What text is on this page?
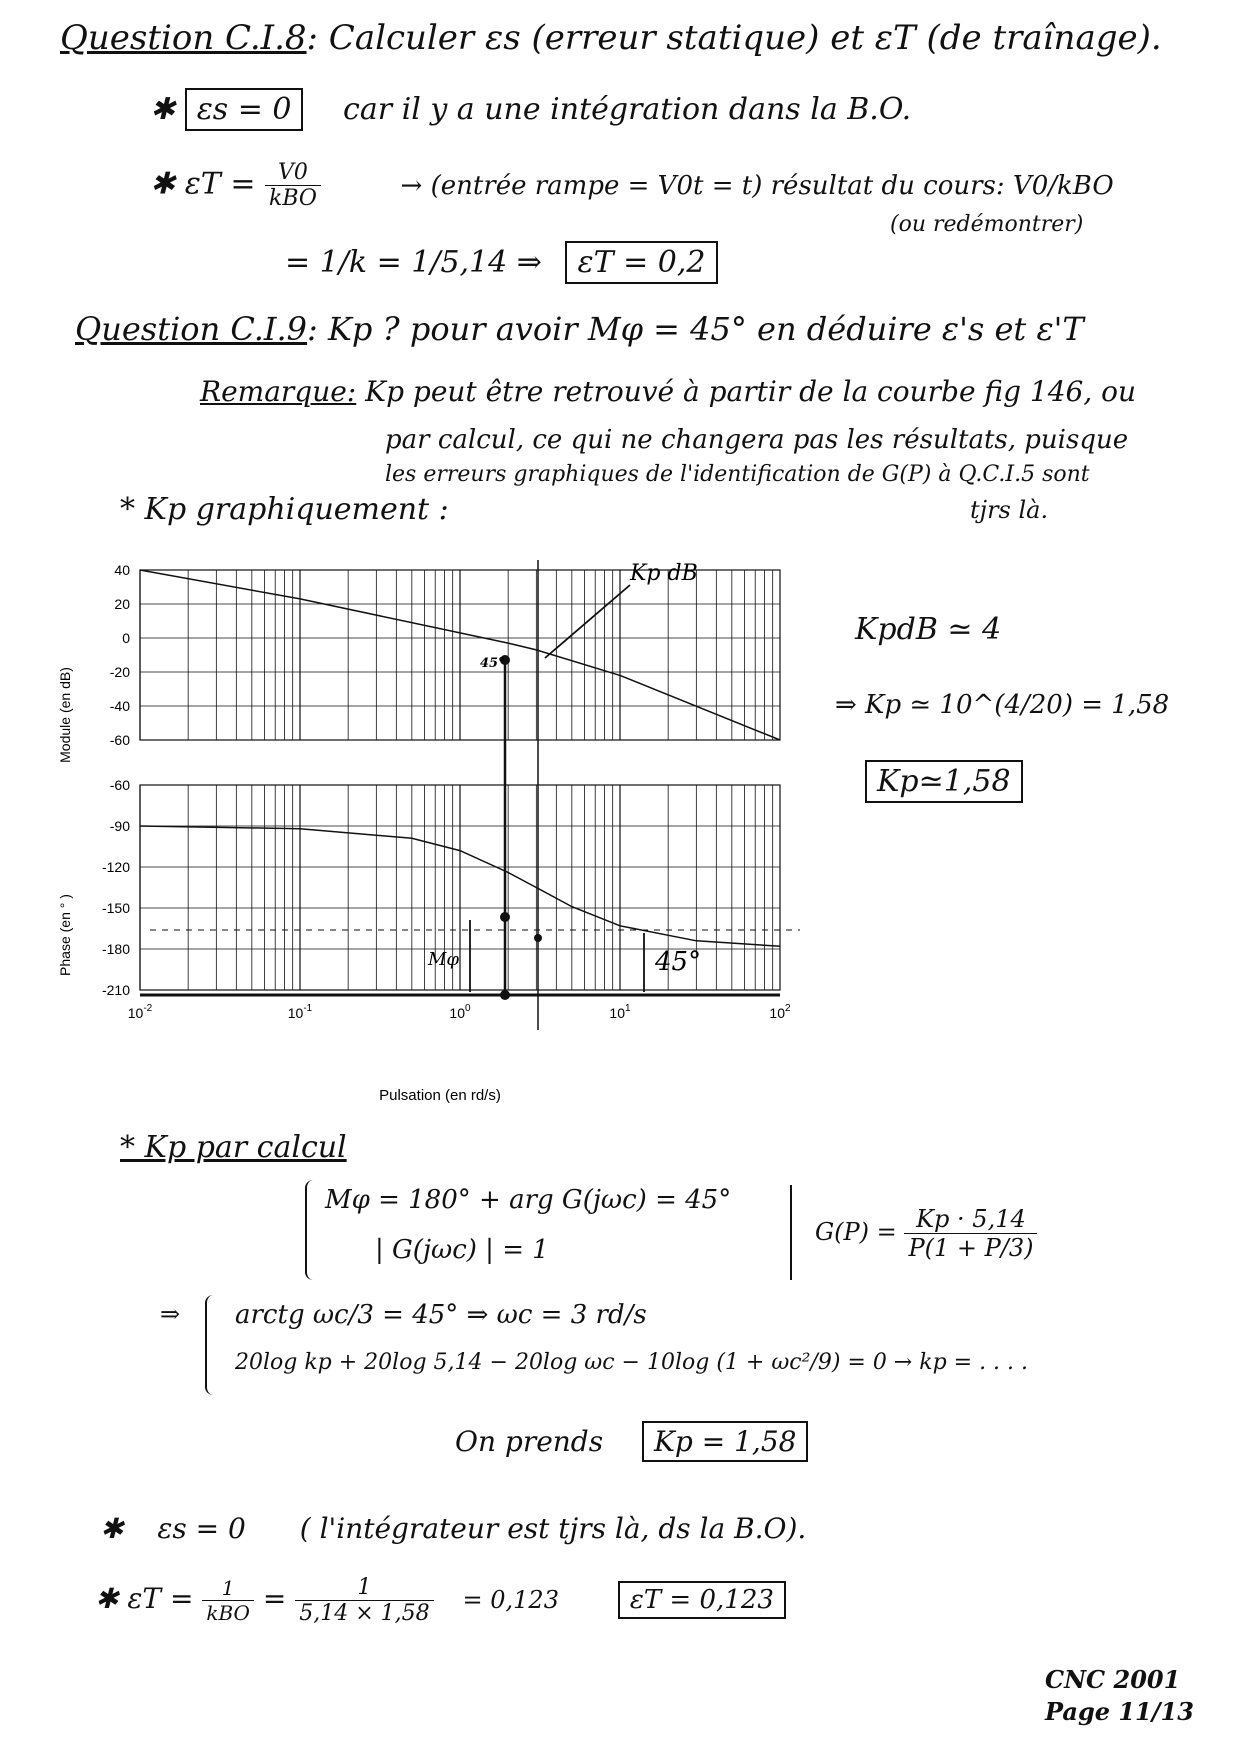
Question C.I.8: Calculer εs (erreur statique) et εT (de traînage).
✱ εs = 0 car il y a une intégration dans la B.O.
✱ $\varepsilon T = \frac{V0}{\text{kBO}}$	→ (entrée rampe = V0t = t) résultat du cours: V0/kBO
(ou redémontrer)
= 1/k = 1/5,14 ⇒ εT = 0,2
Question C.I.9: Kp ? pour avoir Mφ = 45° en déduire ε's et ε'T
Remarque: Kp peut être retrouvé à partir de la courbe fig 146, ou
par calcul, ce qui ne changera pas les résultats, puisque
les erreurs graphiques de l'identification de G(P) à Q.C.I.5 sont
tjrs là.
* Kp graphiquement :
40
20
0
-20
-40
-60
-60
-90
-120
-150
-180
-210
$10^{-2}$	$10^{-1}$	$10^0$	$10^1$	$10^2$
45°
Kp dB
Mφ	45°
Module (en dB)
Phase (en ° )
Pulsation (en rd/s)
KpdB ≃ 4
⇒ Kp ≃ 10^(4/20) = 1,58
Kp≃1,58
* Kp par calcul
Mφ = 180° + arg G(jωc) = 45°
| G(jωc) | = 1
$G(P) = \frac{Kp \cdot 5,14}{P(1 + P/3)}$
⇒ arctg ωc/3 = 45° ⇒ ωc = 3 rd/s
20log kp + 20log 5,14 − 20log ωc − 10log (1 + ωc²/9) = 0 → kp = . . . .
On prends Kp = 1,58
✱ εs = 0 ( l'intégrateur est tjrs là, ds la B.O).
✱ $\varepsilon T = \frac{1}{\text{kBO}} = \frac{1}{5,14 \times 1,58} = 0,123$	εT = 0,123
CNC 2001
Page 11/13
